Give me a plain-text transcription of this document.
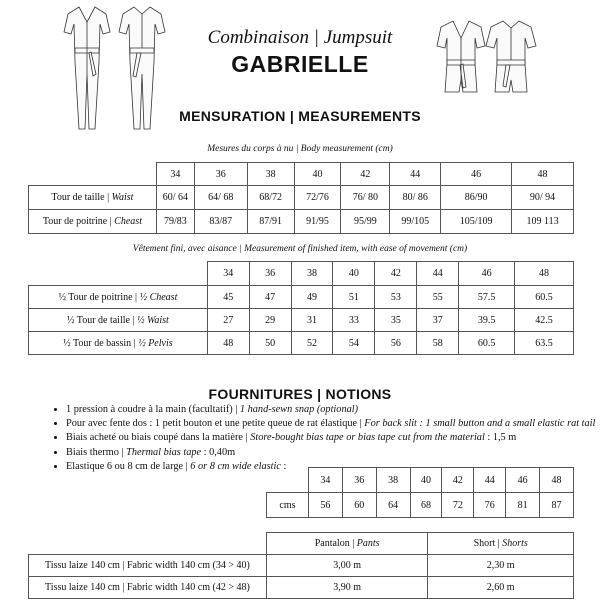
Combinaison | Jumpsuit
GABRIELLE
MENSURATION | MEASUREMENTS
Mesures du corps à nu | Body measurement (cm)
	34	36	38	40	42	44	46	48
Tour de taille | Waist	60/ 64	64/ 68	68/72	72/76	76/ 80	80/ 86	86/90	90/ 94
Tour de poitrine | Cheast	79/83	83/87	87/91	91/95	95/99	99/105	105/109	109 113
Vêtement fini, avec aisance | Measurement of finished item, with ease of movement (cm)
	34	36	38	40	42	44	46	48
½ Tour de poitrine | ½ Cheast	45	47	49	51	53	55	57.5	60.5
½ Tour de taille | ½ Waist	27	29	31	33	35	37	39.5	42.5
½ Tour de bassin | ½ Pelvis	48	50	52	54	56	58	60.5	63.5
FOURNITURES | NOTIONS
• 1 pression à coudre à la main (facultatif) | 1 hand-sewn snap (optional)
• Pour avec fente dos : 1 petit bouton et une petite queue de rat élastique | For back slit : 1 small button and a small elastic rat tail
• Biais acheté ou biais coupé dans la matière | Store-bought bias tape or bias tape cut from the material : 1,5 m
• Biais thermo | Thermal bias tape : 0,40m
• Elastique 6 ou 8 cm de large | 6 or 8 cm wide elastic :
	34	36	38	40	42	44	46	48
cms	56	60	64	68	72	76	81	87
	Pantalon | Pants	Short | Shorts
Tissu laize 140 cm | Fabric width 140 cm (34 > 40)	3,00 m	2,30 m
Tissu laize 140 cm | Fabric width 140 cm (42 > 48)	3,90 m	2,60 m
